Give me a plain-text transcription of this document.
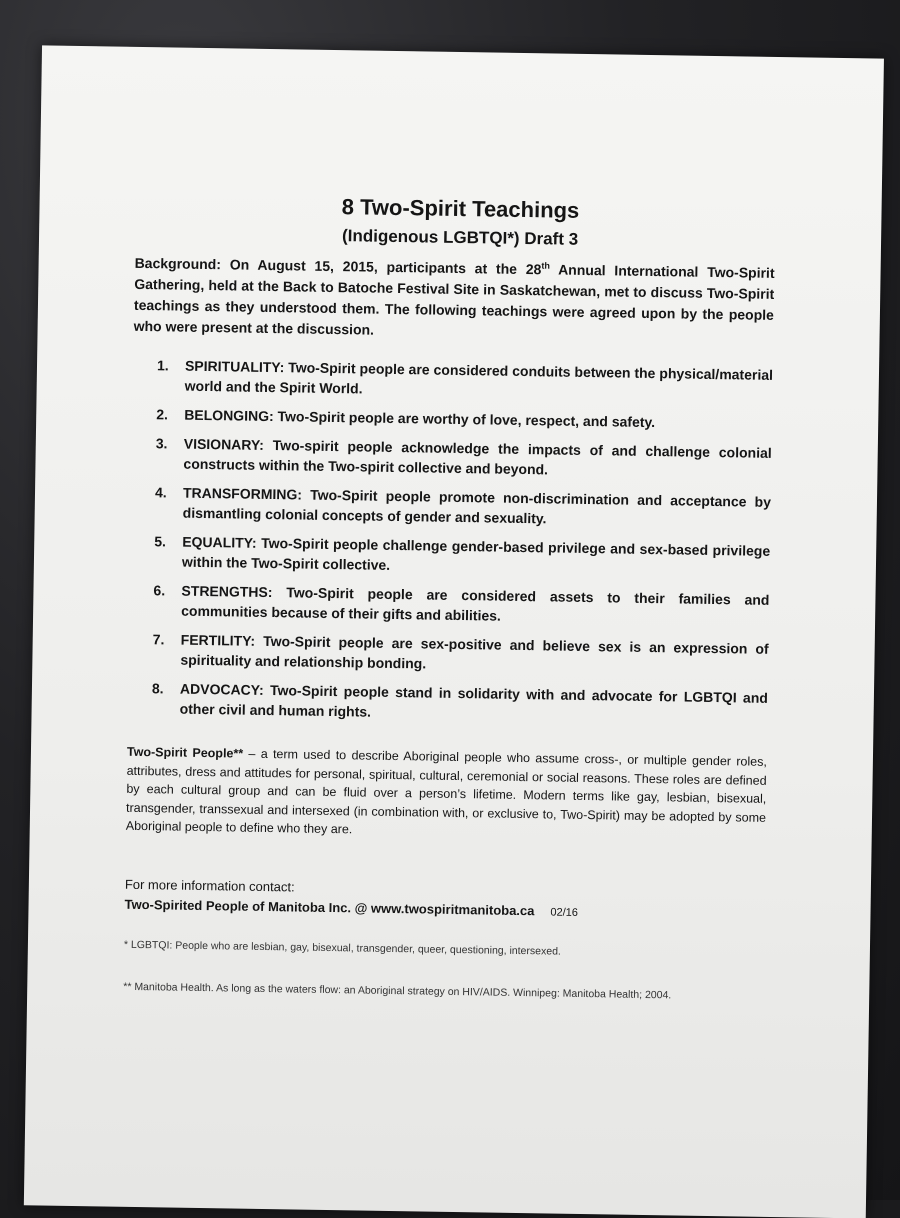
8 Two-Spirit Teachings
(Indigenous LGBTQI*) Draft 3
Background: On August 15, 2015, participants at the 28th Annual International Two-Spirit Gathering, held at the Back to Batoche Festival Site in Saskatchewan, met to discuss Two-Spirit teachings as they understood them. The following teachings were agreed upon by the people who were present at the discussion.
1.	SPIRITUALITY: Two-Spirit people are considered conduits between the physical/material world and the Spirit World.
2.	BELONGING: Two-Spirit people are worthy of love, respect, and safety.
3.	VISIONARY: Two-spirit people acknowledge the impacts of and challenge colonial constructs within the Two-spirit collective and beyond.
4.	TRANSFORMING: Two-Spirit people promote non-discrimination and acceptance by dismantling colonial concepts of gender and sexuality.
5.	EQUALITY: Two-Spirit people challenge gender-based privilege and sex-based privilege within the Two-Spirit collective.
6.	STRENGTHS: Two-Spirit people are considered assets to their families and communities because of their gifts and abilities.
7.	FERTILITY: Two-Spirit people are sex-positive and believe sex is an expression of spirituality and relationship bonding.
8.	ADVOCACY: Two-Spirit people stand in solidarity with and advocate for LGBTQI and other civil and human rights.
Two-Spirit People** – a term used to describe Aboriginal people who assume cross-, or multiple gender roles, attributes, dress and attitudes for personal, spiritual, cultural, ceremonial or social reasons. These roles are defined by each cultural group and can be fluid over a person’s lifetime. Modern terms like gay, lesbian, bisexual, transgender, transsexual and intersexed (in combination with, or exclusive to, Two-Spirit) may be adopted by some Aboriginal people to define who they are.
For more information contact:
Two-Spirited People of Manitoba Inc. @ www.twospiritmanitoba.ca 02/16
* LGBTQI: People who are lesbian, gay, bisexual, transgender, queer, questioning, intersexed.
** Manitoba Health. As long as the waters flow: an Aboriginal strategy on HIV/AIDS. Winnipeg: Manitoba Health; 2004.
